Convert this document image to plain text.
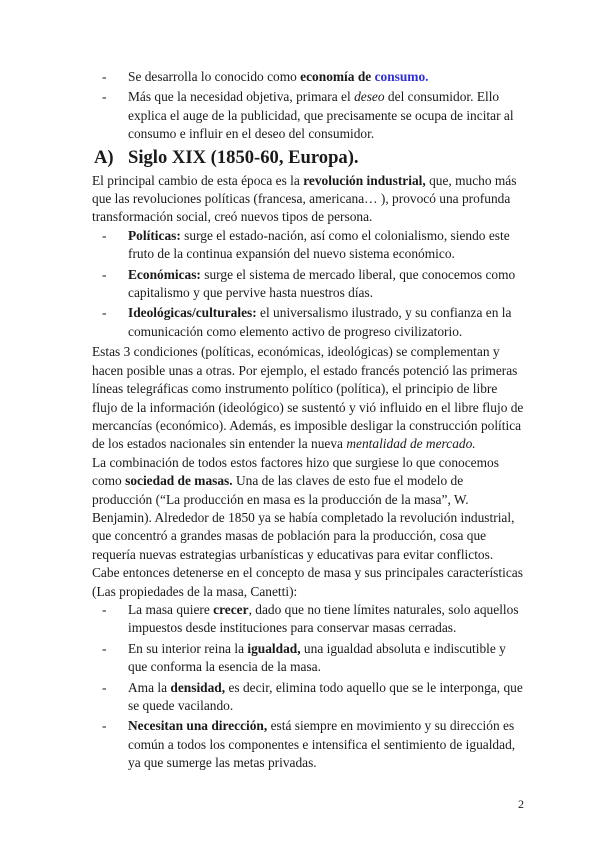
- Se desarrolla lo conocido como economía de consumo.
- Más que la necesidad objetiva, primara el deseo del consumidor. Ello explica el auge de la publicidad, que precisamente se ocupa de incitar al consumo e influir en el deseo del consumidor.
A) Siglo XIX (1850-60, Europa).

El principal cambio de esta época es la revolución industrial, que, mucho más que las revoluciones políticas (francesa, americana… ), provocó una profunda transformación social, creó nuevos tipos de persona.

- Políticas: surge el estado-nación, así como el colonialismo, siendo este fruto de la continua expansión del nuevo sistema económico.
- Económicas: surge el sistema de mercado liberal, que conocemos como capitalismo y que pervive hasta nuestros días.
- Ideológicas/culturales: el universalismo ilustrado, y su confianza en la comunicación como elemento activo de progreso civilizatorio.

Estas 3 condiciones (políticas, económicas, ideológicas) se complementan y hacen posible unas a otras. Por ejemplo, el estado francés potenció las primeras líneas telegráficas como instrumento político (política), el principio de libre flujo de la información (ideológico) se sustentó y vió influido en el libre flujo de mercancías (económico). Además, es imposible desligar la construcción política de los estados nacionales sin entender la nueva mentalidad de mercado.

La combinación de todos estos factores hizo que surgiese lo que conocemos como sociedad de masas. Una de las claves de esto fue el modelo de producción (“La producción en masa es la producción de la masa”, W. Benjamin). Alrededor de 1850 ya se había completado la revolución industrial, que concentró a grandes masas de población para la producción, cosa que requería nuevas estrategias urbanísticas y educativas para evitar conflictos.

Cabe entonces detenerse en el concepto de masa y sus principales características (Las propiedades de la masa, Canetti):

- La masa quiere crecer, dado que no tiene límites naturales, solo aquellos impuestos desde instituciones para conservar masas cerradas.
- En su interior reina la igualdad, una igualdad absoluta e indiscutible y que conforma la esencia de la masa.
- Ama la densidad, es decir, elimina todo aquello que se le interponga, que se quede vacilando.
- Necesitan una dirección, está siempre en movimiento y su dirección es común a todos los componentes e intensifica el sentimiento de igualdad, ya que sumerge las metas privadas.
2
